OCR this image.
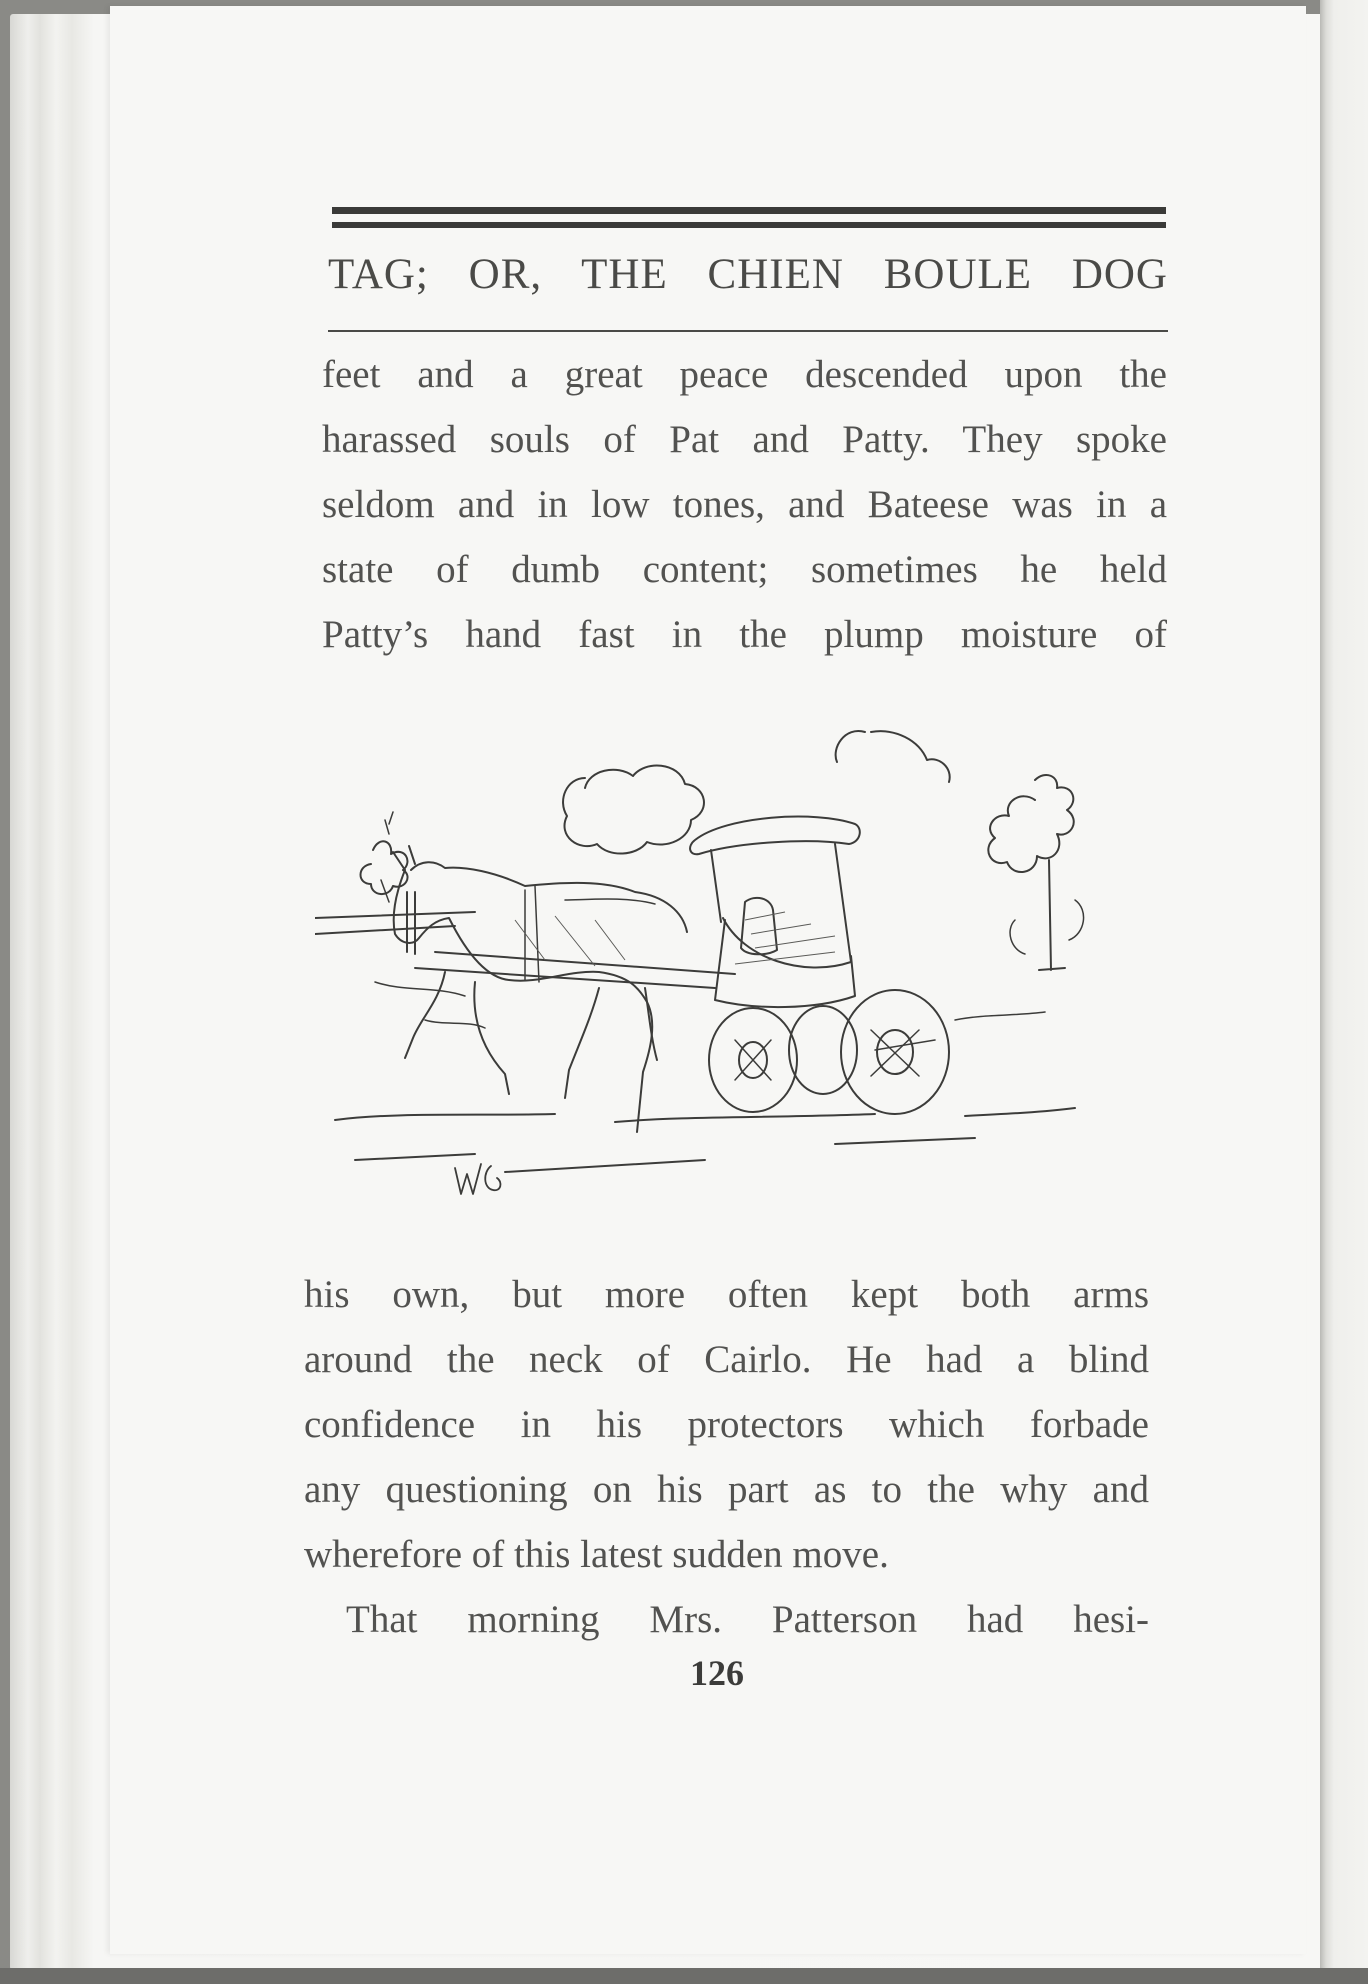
TAG; OR, THE CHIEN BOULE DOG
feet and a great peace descended upon the
harassed souls of Pat and Patty. They spoke
seldom and in low tones, and Bateese was in a
state of dumb content; sometimes he held
Patty’s hand fast in the plump moisture of
his own, but more often kept both arms
around the neck of Cairlo. He had a blind
confidence in his protectors which forbade
any questioning on his part as to the why and
wherefore of this latest sudden move.
That morning Mrs. Patterson had hesi-
126
